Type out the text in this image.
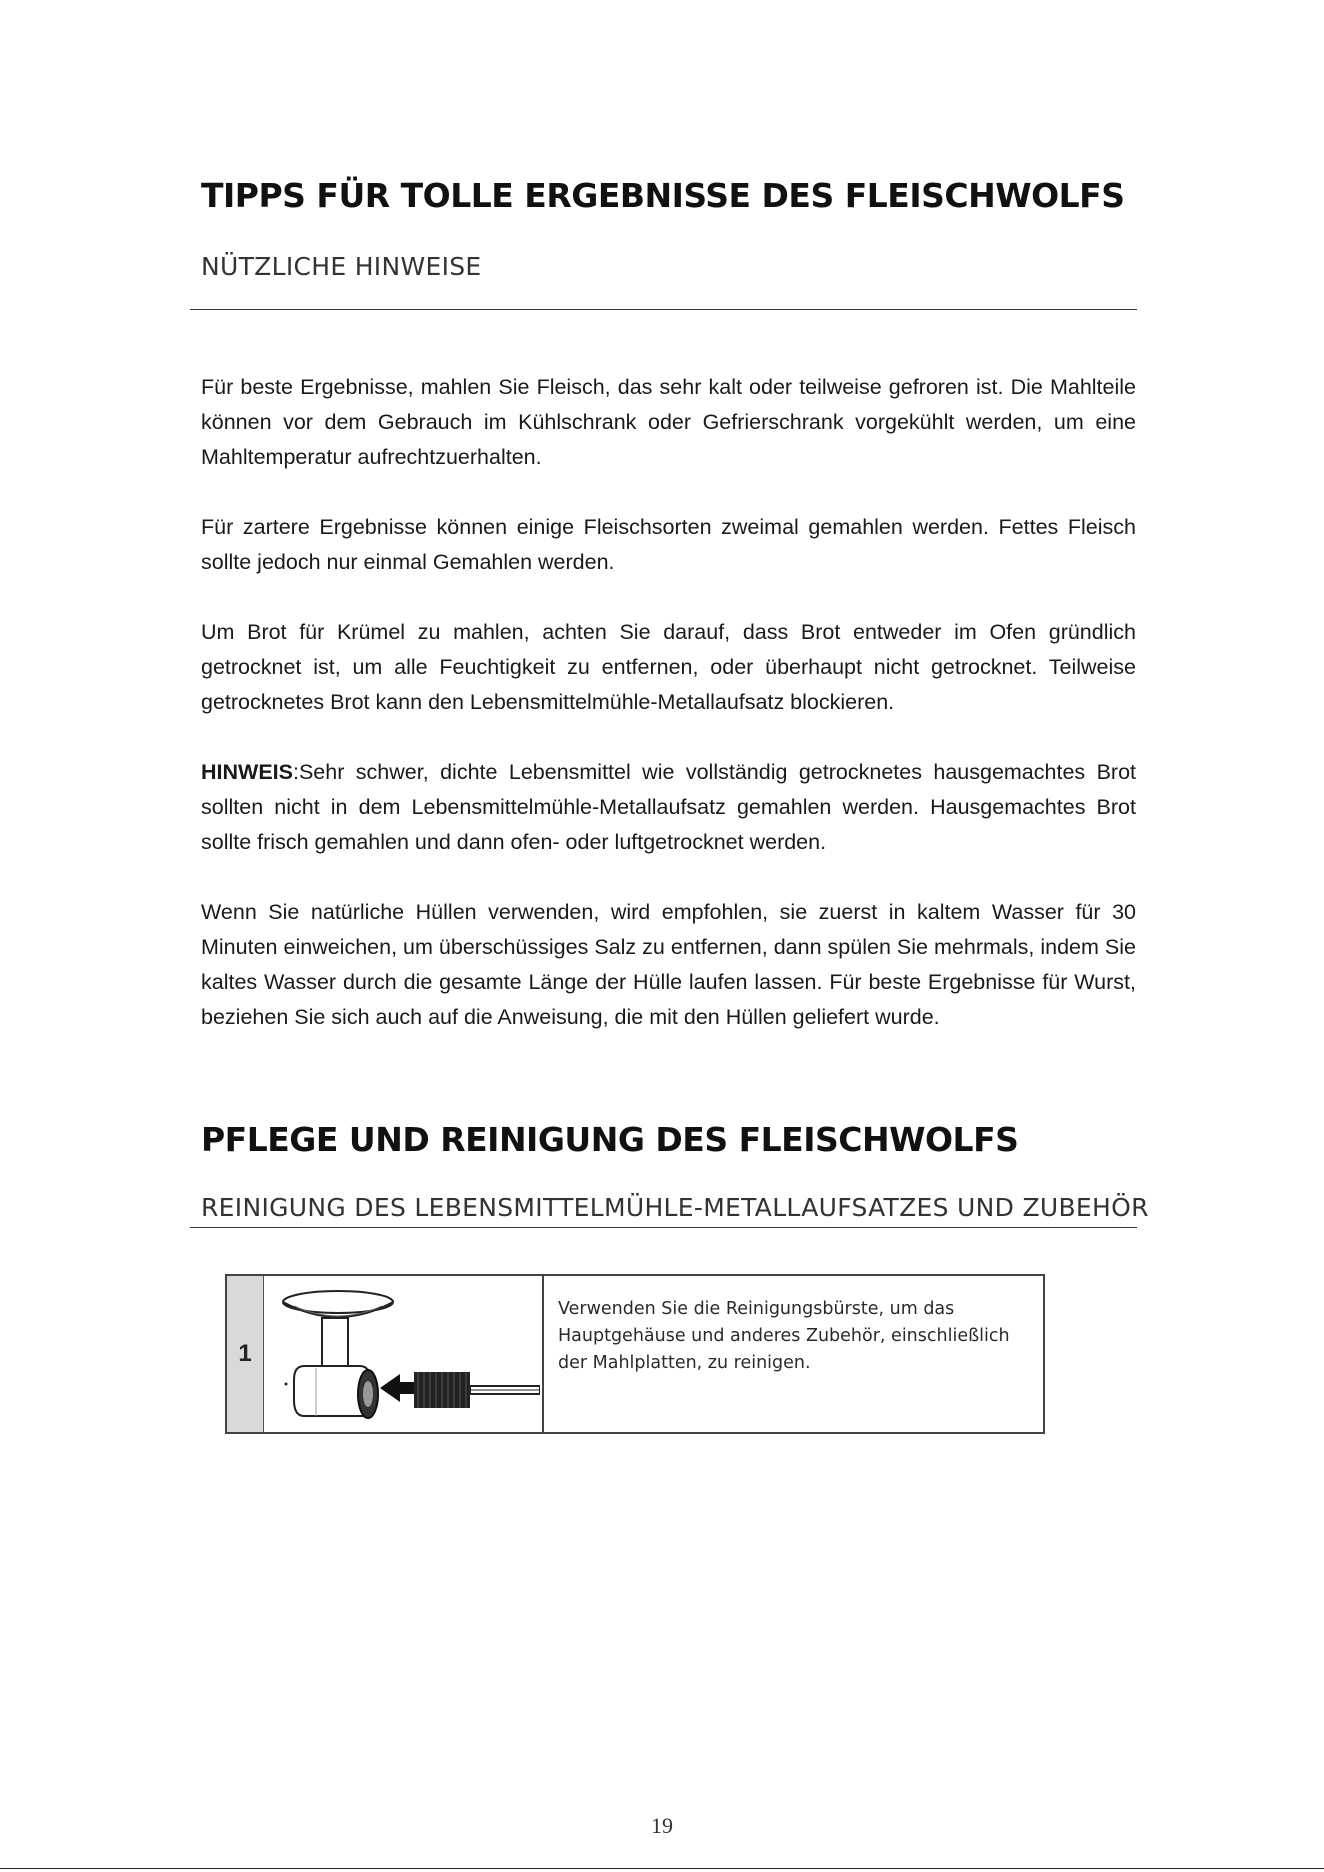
TIPPS FÜR TOLLE ERGEBNISSE DES FLEISCHWOLFS
NÜTZLICHE HINWEISE

Für beste Ergebnisse, mahlen Sie Fleisch, das sehr kalt oder teilweise gefroren ist. Die Mahlteile können vor dem Gebrauch im Kühlschrank oder Gefrierschrank vorgekühlt werden, um eine Mahltemperatur aufrechtzuerhalten.

Für zartere Ergebnisse können einige Fleischsorten zweimal gemahlen werden. Fettes Fleisch sollte jedoch nur einmal Gemahlen werden.

Um Brot für Krümel zu mahlen, achten Sie darauf, dass Brot entweder im Ofen gründlich getrocknet ist, um alle Feuchtigkeit zu entfernen, oder überhaupt nicht getrocknet. Teilweise getrocknetes Brot kann den Lebensmittelmühle-Metallaufsatz blockieren.

HINWEIS:Sehr schwer, dichte Lebensmittel wie vollständig getrocknetes hausgemachtes Brot sollten nicht in dem Lebensmittelmühle-Metallaufsatz gemahlen werden. Hausgemachtes Brot sollte frisch gemahlen und dann ofen- oder luftgetrocknet werden.

Wenn Sie natürliche Hüllen verwenden, wird empfohlen, sie zuerst in kaltem Wasser für 30 Minuten einweichen, um überschüssiges Salz zu entfernen, dann spülen Sie mehrmals, indem Sie kaltes Wasser durch die gesamte Länge der Hülle laufen lassen. Für beste Ergebnisse für Wurst, beziehen Sie sich auch auf die Anweisung, die mit den Hüllen geliefert wurde.

PFLEGE UND REINIGUNG DES FLEISCHWOLFS
REINIGUNG DES LEBENSMITTELMÜHLE-METALLAUFSATZES UND ZUBEHÖR
1
Verwenden Sie die Reinigungsbürste, um das Hauptgehäuse und anderes Zubehör, einschließlich der Mahlplatten, zu reinigen.
19
